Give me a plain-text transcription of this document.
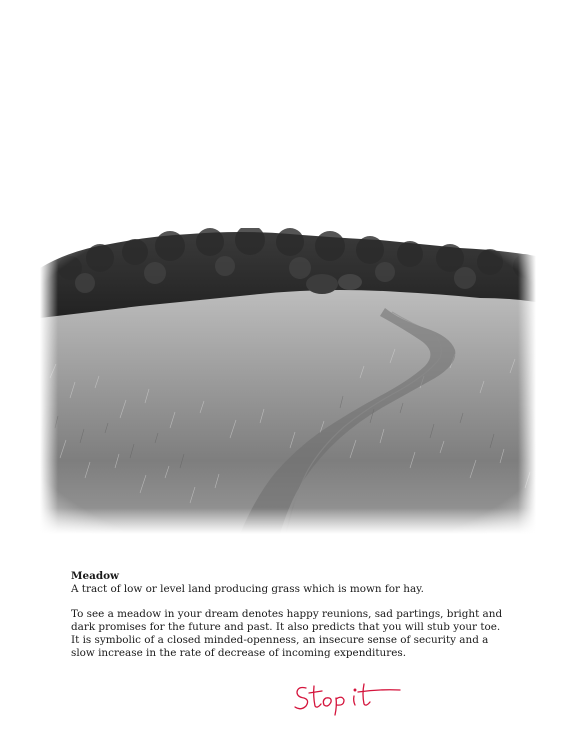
Meadow

A tract of low or level land producing grass which is mown for hay.

To see a meadow in your dream denotes happy reunions, sad partings, bright and

dark promises for the future and past. It also predicts that you will stub your toe.

It is symbolic of a closed minded-openness, an insecure sense of security and a

slow increase in the rate of decrease of incoming expenditures.
